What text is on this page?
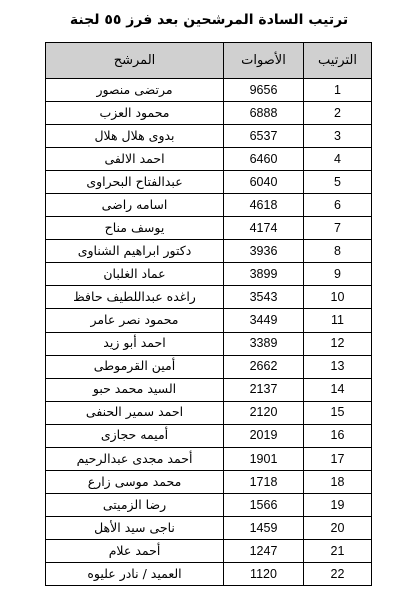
ترتيب السادة المرشحين بعد فرز ٥٥ لجنة
الترتيب	الأصوات	المرشح
1	9656	مرتضى منصور
2	6888	محمود العزب
3	6537	بدوى هلال هلال
4	6460	احمد الالفى
5	6040	عبدالفتاح البحراوى
6	4618	اسامه راضى
7	4174	يوسف مناح
8	3936	دكتور ابراهيم الشناوى
9	3899	عماد الغلبان
10	3543	راغده عبداللطيف حافظ
11	3449	محمود نصر عامر
12	3389	احمد أبو زيد
13	2662	أمين القرموطى
14	2137	السيد محمد حبو
15	2120	احمد سمير الحنفى
16	2019	أميمه حجازى
17	1901	أحمد مجدى عبدالرحيم
18	1718	محمد موسى زارع
19	1566	رضا الزميتى
20	1459	ناجى سيد الأهل
21	1247	أحمد علام
22	1120	العميد / نادر عليوه
